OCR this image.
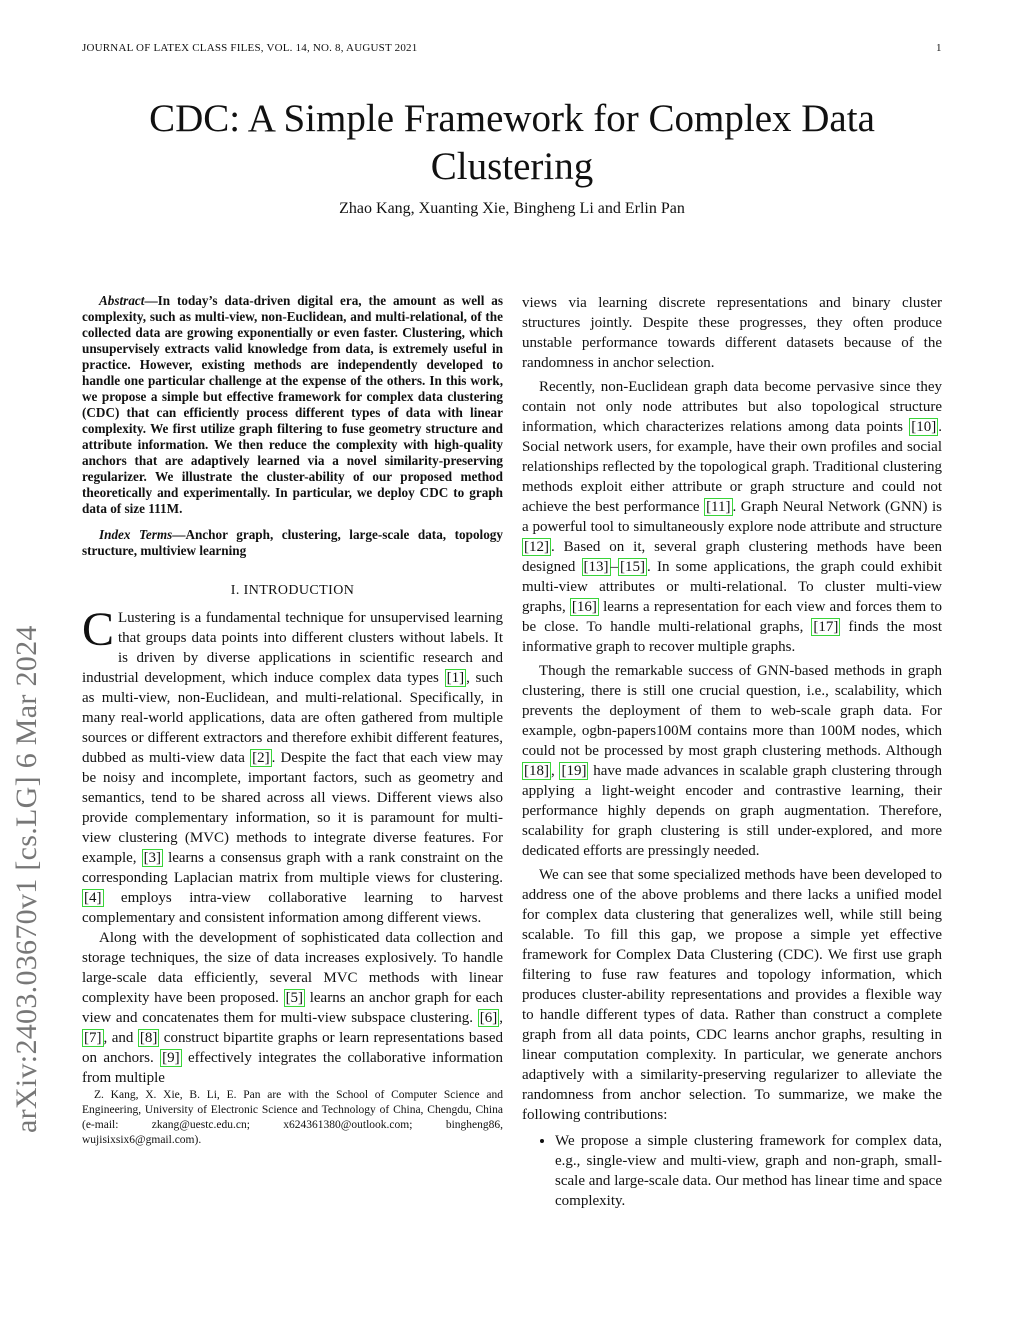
JOURNAL OF LATEX CLASS FILES, VOL. 14, NO. 8, AUGUST 2021	1
CDC: A Simple Framework for Complex Data Clustering
Zhao Kang, Xuanting Xie, Bingheng Li and Erlin Pan
arXiv:2403.03670v1 [cs.LG] 6 Mar 2024

Abstract—In today’s data-driven digital era, the amount as well as complexity, such as multi-view, non-Euclidean, and multi-relational, of the collected data are growing exponentially or even faster. Clustering, which unsupervisely extracts valid knowledge from data, is extremely useful in practice. However, existing methods are independently developed to handle one particular challenge at the expense of the others. In this work, we propose a simple but effective framework for complex data clustering (CDC) that can efficiently process different types of data with linear complexity. We first utilize graph filtering to fuse geometry structure and attribute information. We then reduce the complexity with high-quality anchors that are adaptively learned via a novel similarity-preserving regularizer. We illustrate the cluster-ability of our proposed method theoretically and experimentally. In particular, we deploy CDC to graph data of size 111M.

Index Terms—Anchor graph, clustering, large-scale data, topology structure, multiview learning

I. INTRODUCTION

C Lustering is a fundamental technique for unsupervised learning that groups data points into different clusters without labels. It is driven by diverse applications in scientific research and industrial development, which induce complex data types [1] , such as multi-view, non-Euclidean, and multi-relational. Specifically, in many real-world applications, data are often gathered from multiple sources or different extractors and therefore exhibit different features, dubbed as multi-view data [2] . Despite the fact that each view may be noisy and incomplete, important factors, such as geometry and semantics, tend to be shared across all views. Different views also provide complementary information, so it is paramount for multi-view clustering (MVC) methods to integrate diverse features. For example, [3] learns a consensus graph with a rank constraint on the corresponding Laplacian matrix from multiple views for clustering. [4] employs intra-view collaborative learning to harvest complementary and consistent information among different views.

Along with the development of sophisticated data collection and storage techniques, the size of data increases explosively. To handle large-scale data efficiently, several MVC methods with linear complexity have been proposed. [5] learns an anchor graph for each view and concatenates them for multi-view subspace clustering. [6] , [7] , and [8] construct bipartite graphs or learn representations based on anchors. [9] effectively integrates the collaborative information from multiple

Z. Kang, X. Xie, B. Li, E. Pan are with the School of Computer Science and Engineering, University of Electronic Science and Technology of China, Chengdu, China (e-mail: zkang@uestc.edu.cn; x624361380@outlook.com; bingheng86, wujisixsix6@gmail.com).

views via learning discrete representations and binary cluster structures jointly. Despite these progresses, they often produce unstable performance towards different datasets because of the randomness in anchor selection.

Recently, non-Euclidean graph data become pervasive since they contain not only node attributes but also topological structure information, which characterizes relations among data points [10] . Social network users, for example, have their own profiles and social relationships reflected by the topological graph. Traditional clustering methods exploit either attribute or graph structure and could not achieve the best performance [11] . Graph Neural Network (GNN) is a powerful tool to simultaneously explore node attribute and structure [12] . Based on it, several graph clustering methods have been designed [13] – [15] . In some applications, the graph could exhibit multi-view attributes or multi-relational. To cluster multi-view graphs, [16] learns a representation for each view and forces them to be close. To handle multi-relational graphs, [17] finds the most informative graph to recover multiple graphs.

Though the remarkable success of GNN-based methods in graph clustering, there is still one crucial question, i.e., scalability, which prevents the deployment of them to web-scale graph data. For example, ogbn-papers100M contains more than 100M nodes, which could not be processed by most graph clustering methods. Although [18] , [19] have made advances in scalable graph clustering through applying a light-weight encoder and contrastive learning, their performance highly depends on graph augmentation. Therefore, scalability for graph clustering is still under-explored, and more dedicated efforts are pressingly needed.

We can see that some specialized methods have been developed to address one of the above problems and there lacks a unified model for complex data clustering that generalizes well, while still being scalable. To fill this gap, we propose a simple yet effective framework for Complex Data Clustering (CDC). We first use graph filtering to fuse raw features and topology information, which produces cluster-ability representations and provides a flexible way to handle different types of data. Rather than construct a complete graph from all data points, CDC learns anchor graphs, resulting in linear computation complexity. In particular, we generate anchors adaptively with a similarity-preserving regularizer to alleviate the randomness from anchor selection. To summarize, we make the following contributions:

• We propose a simple clustering framework for complex data, e.g., single-view and multi-view, graph and non-graph, small-scale and large-scale data. Our method has linear time and space complexity.
